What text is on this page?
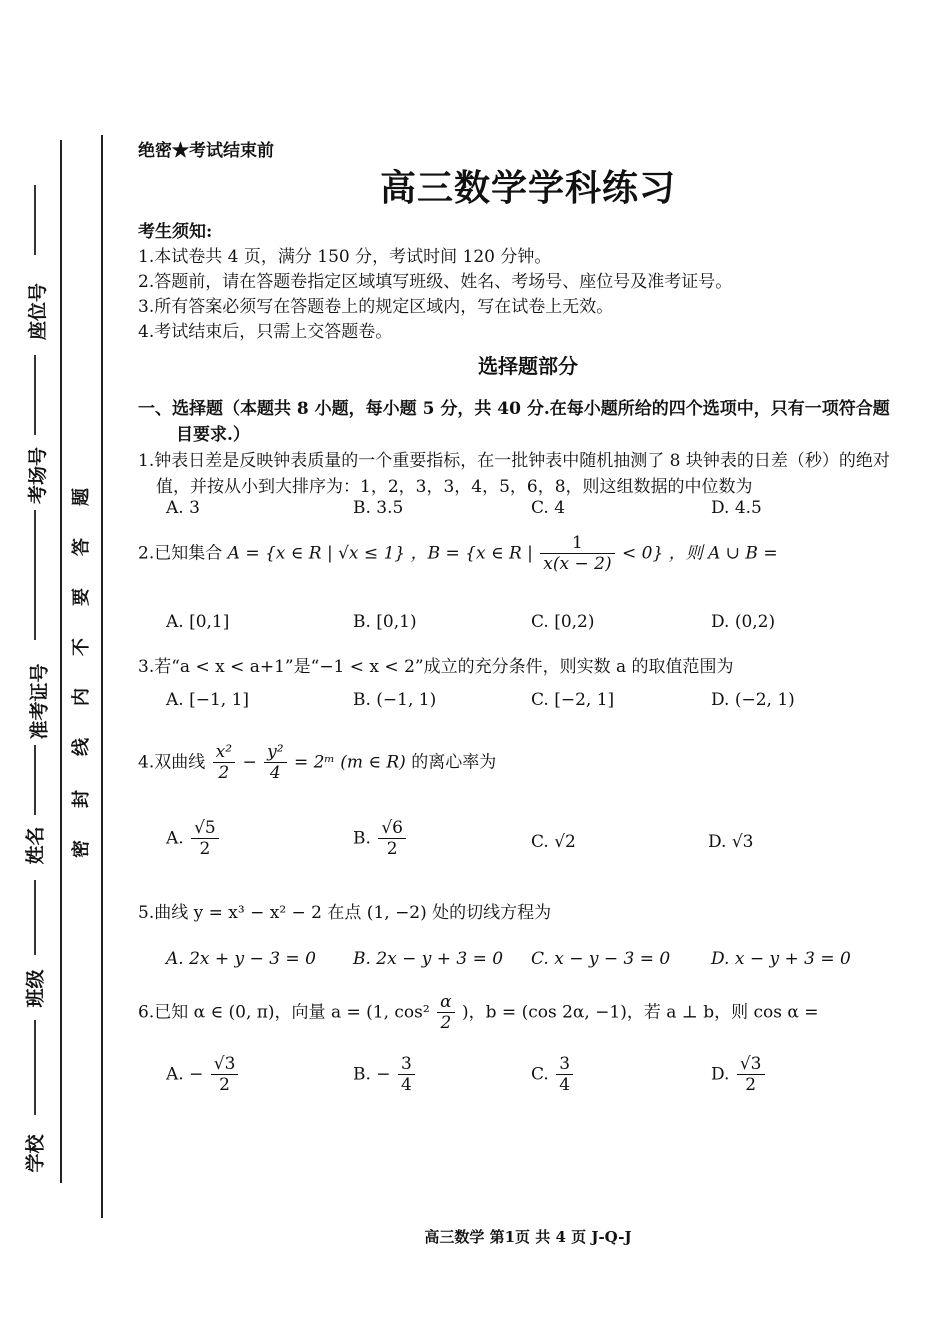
座位号
考场号
准考证号
姓名
班级
学校
题
答
要
不
内
线
封
密
绝密★考试结束前
高三数学学科练习
考生须知:
1.本试卷共 4 页，满分 150 分，考试时间 120 分钟。
2.答题前，请在答题卷指定区域填写班级、姓名、考场号、座位号及准考证号。
3.所有答案必须写在答题卷上的规定区域内，写在试卷上无效。
4.考试结束后，只需上交答题卷。
选择题部分
一、选择题（本题共 8 小题，每小题 5 分，共 40 分.在每小题所给的四个选项中，只有一项符合题
目要求.）
1.钟表日差是反映钟表质量的一个重要指标，在一批钟表中随机抽测了 8 块钟表的日差（秒）的绝对
值，并按从小到大排序为：1，2，3，3，4，5，6，8，则这组数据的中位数为
A. 3	B. 3.5	C. 4	D. 4.5
2.已知集合 A = {x ∈ R | √x ≤ 1} ，B = {x ∈ R | $\frac{1}{x(x - 2)} < 0$} ，则 A ∪ B =
A. [0,1]	B. [0,1)	C. [0,2)	D. (0,2)
3.若“a < x < a+1”是“−1 < x < 2”成立的充分条件，则实数 a 的取值范围为
A. [−1, 1]	B. (−1, 1)	C. [−2, 1]	D. (−2, 1)
4.双曲线 $\frac{\text{x²}}{2} - \frac{\text{y²}}{4}$ = 2ᵐ (m ∈ R) 的离心率为
A. $\frac{√5}{2}$	B. $\frac{√6}{2}$	C. √2	D. √3
5.曲线 y = x³ − x² − 2 在点 (1, −2) 处的切线方程为
A. 2x + y − 3 = 0 B. 2x − y + 3 = 0 C. x − y − 3 = 0 D. x − y + 3 = 0
6.已知 α ∈ (0, π)，向量 a = (1, $\cos^2 \frac{\alpha}{2}$ )，b = (cos 2α, −1)，若 a ⊥ b，则 cos α =
A. − $\frac{√3}{2}$	B. − $\frac{3}{4}$	C. $\frac{3}{4}$	D. $\frac{√3}{2}$
高三数学 第1页 共 4 页 J-Q-J
